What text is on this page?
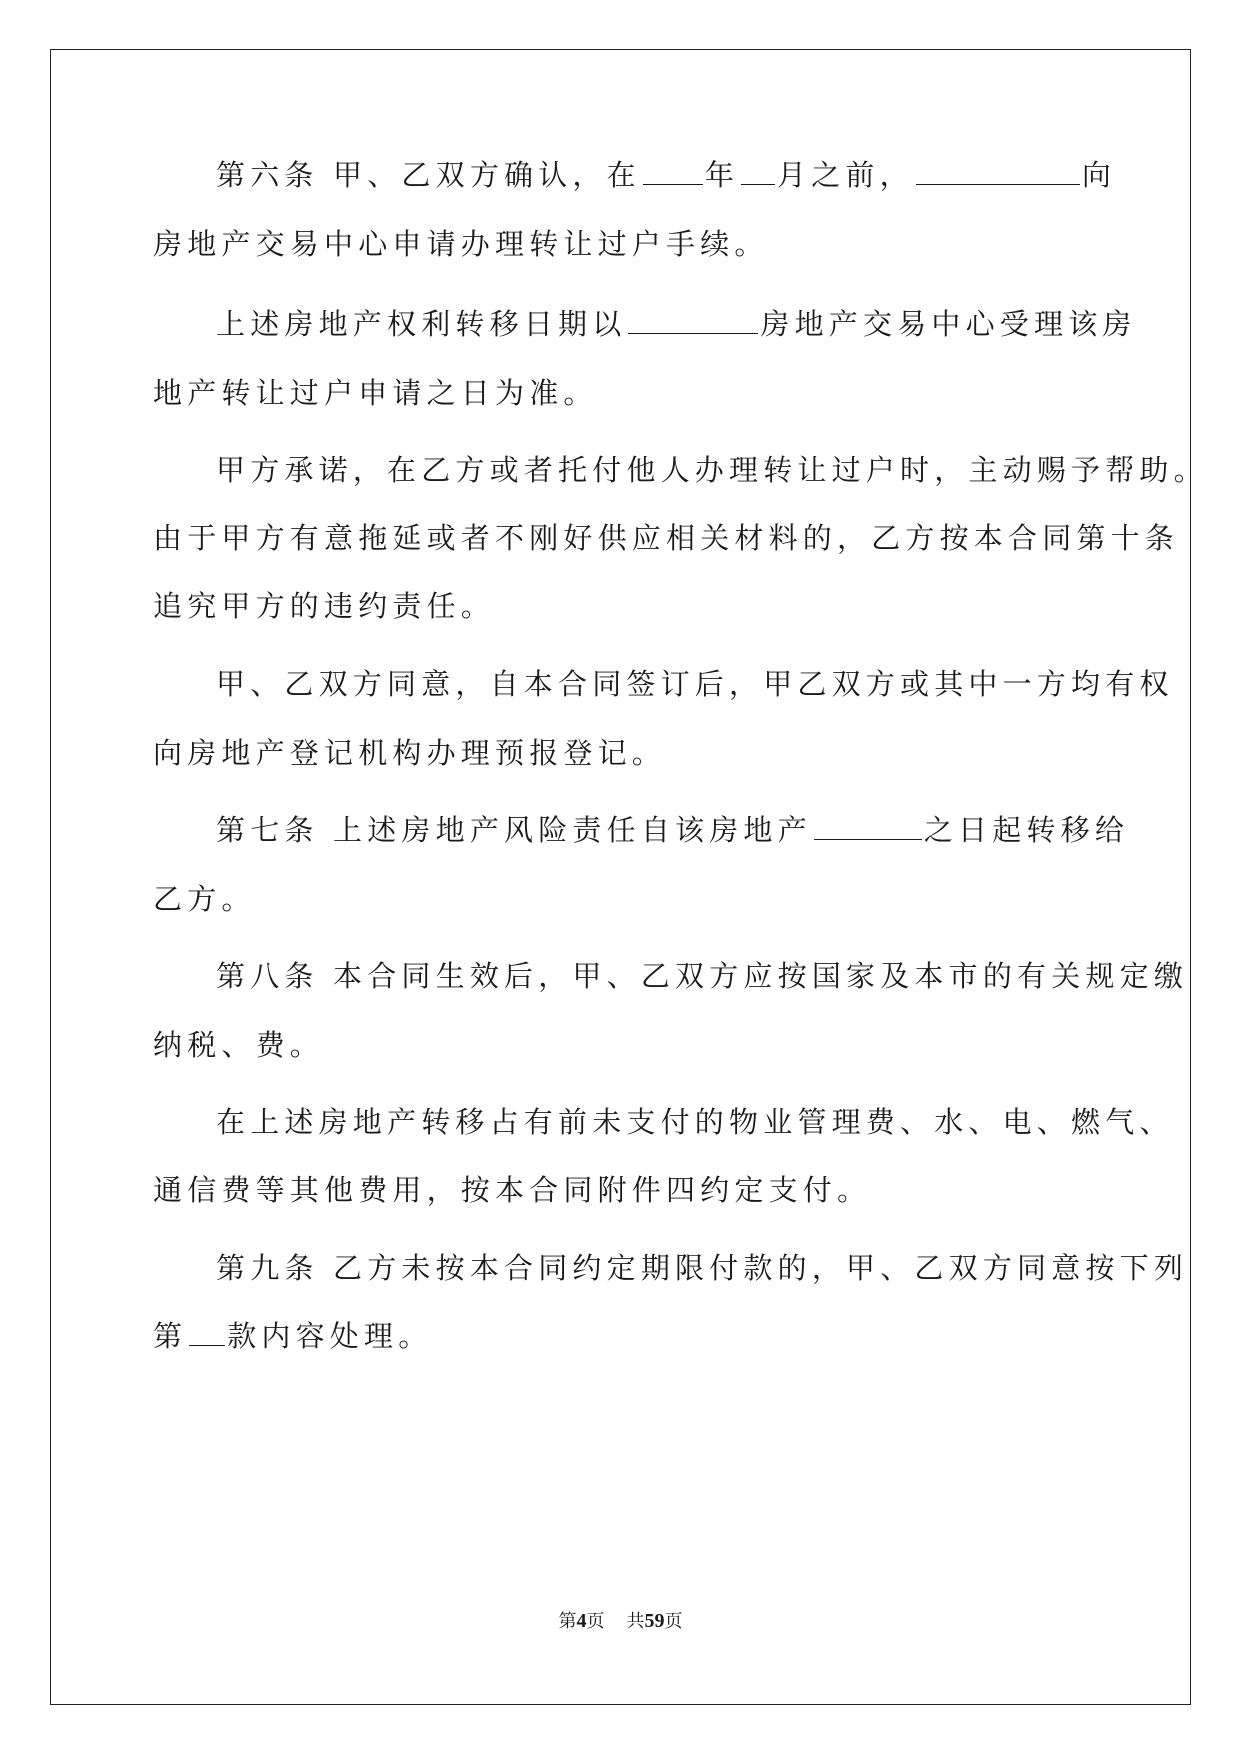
第六条 甲、乙双方确认，在 年 月之前，	向
房地产交易中心申请办理转让过户手续。
上述房地产权利转移日期以	房地产交易中心受理该房
地产转让过户申请之日为准。
甲方承诺，在乙方或者托付他人办理转让过户时，主动赐予帮助。
由于甲方有意拖延或者不刚好供应相关材料的，乙方按本合同第十条
追究甲方的违约责任。
甲、乙双方同意，自本合同签订后，甲乙双方或其中一方均有权
向房地产登记机构办理预报登记。
第七条 上述房地产风险责任自该房地产	之日起转移给
乙方。
第八条 本合同生效后，甲、乙双方应按国家及本市的有关规定缴
纳税、费。
在上述房地产转移占有前未支付的物业管理费、水、电、燃气、
通信费等其他费用，按本合同附件四约定支付。
第九条 乙方未按本合同约定期限付款的，甲、乙双方同意按下列
第 款内容处理。
第4页 共59页
